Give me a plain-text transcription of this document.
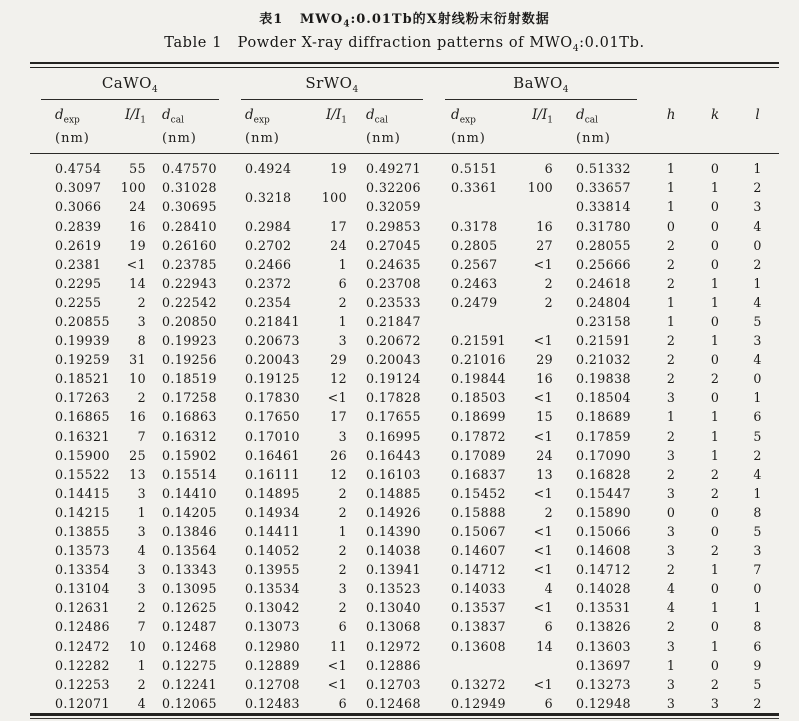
表1 $MWO_4:0.01Tb$的X射线粉末衍射数据
Table 1 Powder X-ray diffraction patterns of $MWO_4:0.01Tb$.
CaWO$_4$			SrWO$_4$			BaWO$_4$

$d_{exp}$	$I/I_1$	$d_{cal}$	$d_{exp}$	$I/I_1$	$d_{cal}$	$d_{exp}$	$I/I_1$	$d_{cal}$	h	k	l
(nm)		(nm)	(nm)		(nm)	(nm)		(nm)			
0.4754	55	0.47570	0.4924	19	0.49271	0.5151	6	0.51332	1	0	1
0.3097	100	0.31028	0.3218	100	0.32206	0.3361	100	0.33657	1	1	2
0.3066	24	0.30695			0.32059			0.33814	1	0	3
0.2839	16	0.28410	0.2984	17	0.29853	0.3178	16	0.31780	0	0	4
0.2619	19	0.26160	0.2702	24	0.27045	0.2805	27	0.28055	2	0	0
0.2381	<1	0.23785	0.2466	1	0.24635	0.2567	<1	0.25666	2	0	2
0.2295	14	0.22943	0.2372	6	0.23708	0.2463	2	0.24618	2	1	1
0.2255	2	0.22542	0.2354	2	0.23533	0.2479	2	0.24804	1	1	4
0.20855	3	0.20850	0.21841	1	0.21847			0.23158	1	0	5
0.19939	8	0.19923	0.20673	3	0.20672	0.21591	<1	0.21591	2	1	3
0.19259	31	0.19256	0.20043	29	0.20043	0.21016	29	0.21032	2	0	4
0.18521	10	0.18519	0.19125	12	0.19124	0.19844	16	0.19838	2	2	0
0.17263	2	0.17258	0.17830	<1	0.17828	0.18503	<1	0.18504	3	0	1
0.16865	16	0.16863	0.17650	17	0.17655	0.18699	15	0.18689	1	1	6
0.16321	7	0.16312	0.17010	3	0.16995	0.17872	<1	0.17859	2	1	5
0.15900	25	0.15902	0.16461	26	0.16443	0.17089	24	0.17090	3	1	2
0.15522	13	0.15514	0.16111	12	0.16103	0.16837	13	0.16828	2	2	4
0.14415	3	0.14410	0.14895	2	0.14885	0.15452	<1	0.15447	3	2	1
0.14215	1	0.14205	0.14934	2	0.14926	0.15888	2	0.15890	0	0	8
0.13855	3	0.13846	0.14411	1	0.14390	0.15067	<1	0.15066	3	0	5
0.13573	4	0.13564	0.14052	2	0.14038	0.14607	<1	0.14608	3	2	3
0.13354	3	0.13343	0.13955	2	0.13941	0.14712	<1	0.14712	2	1	7
0.13104	3	0.13095	0.13534	3	0.13523	0.14033	4	0.14028	4	0	0
0.12631	2	0.12625	0.13042	2	0.13040	0.13537	<1	0.13531	4	1	1
0.12486	7	0.12487	0.13073	6	0.13068	0.13837	6	0.13826	2	0	8
0.12472	10	0.12468	0.12980	11	0.12972	0.13608	14	0.13603	3	1	6
0.12282	1	0.12275	0.12889	<1	0.12886			0.13697	1	0	9
0.12253	2	0.12241	0.12708	<1	0.12703	0.13272	<1	0.13273	3	2	5
0.12071	4	0.12065	0.12483	6	0.12468	0.12949	6	0.12948	3	3	2
